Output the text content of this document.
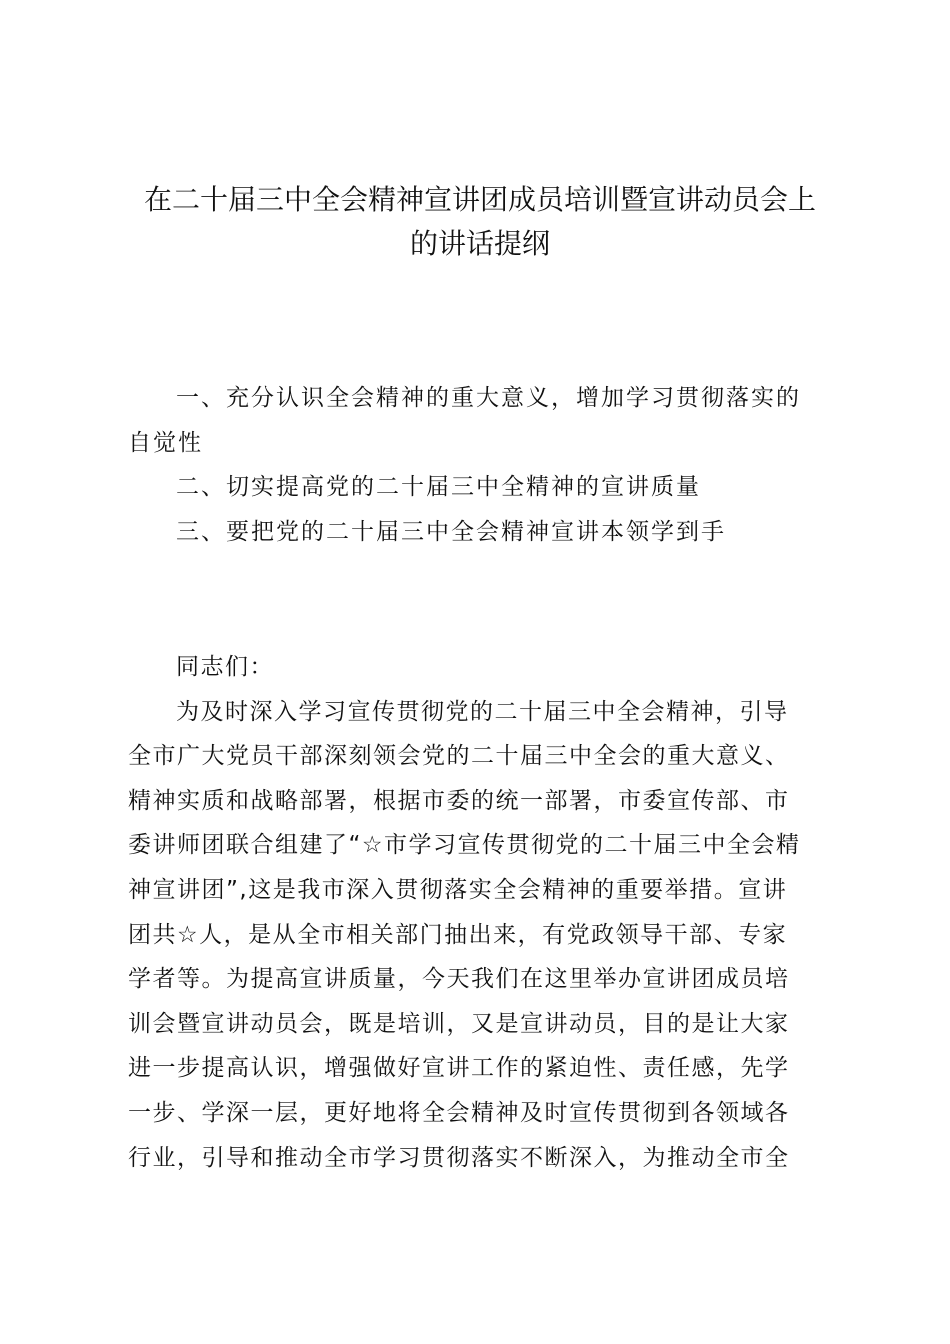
在二十届三中全会精神宣讲团成员培训暨宣讲动员会上
的讲话提纲
一、充分认识全会精神的重大意义，增加学习贯彻落实的
自觉性
二、切实提高党的二十届三中全精神的宣讲质量
三、要把党的二十届三中全会精神宣讲本领学到手
同志们：
为及时深入学习宣传贯彻党的二十届三中全会精神，引导
全市广大党员干部深刻领会党的二十届三中全会的重大意义、
精神实质和战略部署，根据市委的统一部署，市委宣传部、市
委讲师团联合组建了“☆市学习宣传贯彻党的二十届三中全会精
神宣讲团”,这是我市深入贯彻落实全会精神的重要举措。宣讲
团共☆人，是从全市相关部门抽出来，有党政领导干部、专家
学者等。为提高宣讲质量，今天我们在这里举办宣讲团成员培
训会暨宣讲动员会，既是培训，又是宣讲动员，目的是让大家
进一步提高认识，增强做好宣讲工作的紧迫性、责任感，先学
一步、学深一层，更好地将全会精神及时宣传贯彻到各领域各
行业，引导和推动全市学习贯彻落实不断深入，为推动全市全
